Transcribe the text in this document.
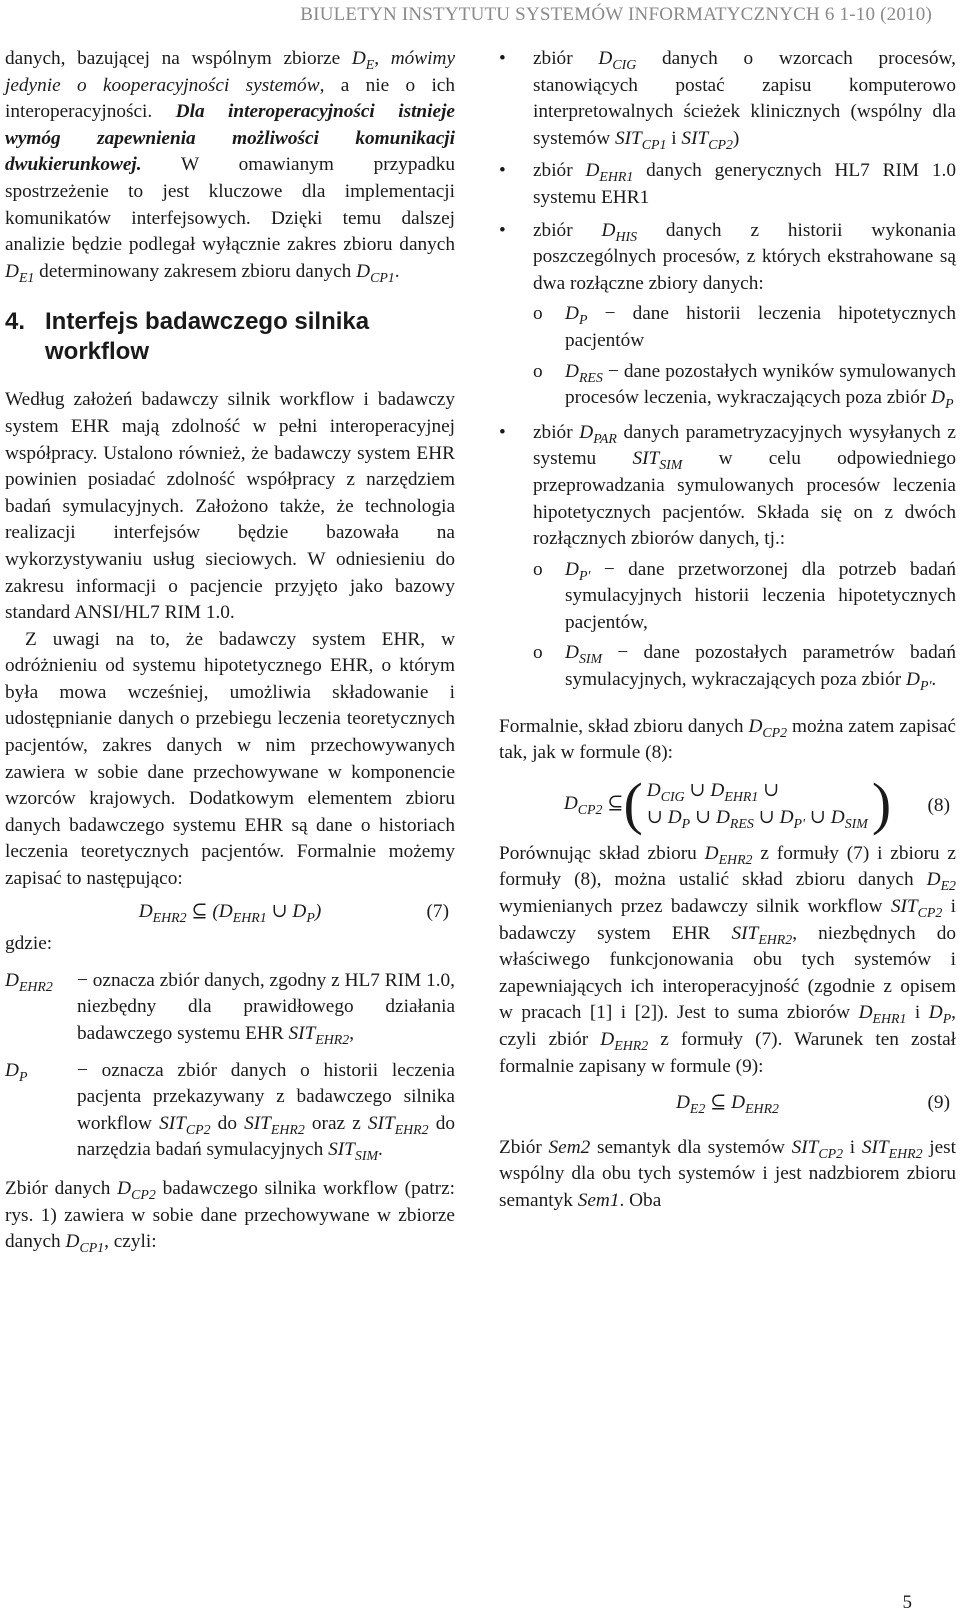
BIULETYN INSTYTUTU SYSTEMÓW INFORMATYCZNYCH 6 1-10 (2010)

danych, bazującej na wspólnym zbiorze $D_E$, mówimy jedynie o kooperacyjności systemów, a nie o ich interoperacyjności. Dla interoperacyjności istnieje wymóg zapewnienia możliwości komunikacji dwukierunkowej. W omawianym przypadku spostrzeżenie to jest kluczowe dla implementacji komunikatów interfejsowych. Dzięki temu dalszej analizie będzie podlegał wyłącznie zakres zbioru danych $D_{E1}$ determinowany zakresem zbioru danych $D_{CP1}$.

4. Interfejs badawczego silnika workflow

Według założeń badawczy silnik workflow i badawczy system EHR mają zdolność w pełni interoperacyjnej współpracy. Ustalono również, że badawczy system EHR powinien posiadać zdolność współpracy z narzędziem badań symulacyjnych. Założono także, że technologia realizacji interfejsów będzie bazowała na wykorzystywaniu usług sieciowych. W odniesieniu do zakresu informacji o pacjencie przyjęto jako bazowy standard ANSI/HL7 RIM 1.0.

Z uwagi na to, że badawczy system EHR, w odróżnieniu od systemu hipotetycznego EHR, o którym była mowa wcześniej, umożliwia składowanie i udostępnianie danych o przebiegu leczenia teoretycznych pacjentów, zakres danych w nim przechowywanych zawiera w sobie dane przechowywane w komponencie wzorców krajowych. Dodatkowym elementem zbioru danych badawczego systemu EHR są dane o historiach leczenia teoretycznych pacjentów. Formalnie możemy zapisać to następująco:

$D_{EHR2}$ ⊆ ($D_{EHR1}$ ∪ $D_P$)	(7)

gdzie:

$D_{EHR2}$	− oznacza zbiór danych, zgodny z HL7 RIM 1.0, niezbędny dla prawidłowego działania badawczego systemu EHR $SIT_{EHR2}$,
$D_P$	− oznacza zbiór danych o historii leczenia pacjenta przekazywany z badawczego silnika workflow $SIT_{CP2}$ do $SIT_{EHR2}$ oraz z $SIT_{EHR2}$ do narzędzia badań symulacyjnych $SIT_{SIM}$.

Zbiór danych $D_{CP2}$ badawczego silnika workflow (patrz: rys. 1) zawiera w sobie dane przechowywane w zbiorze danych $D_{CP1}$, czyli:

• zbiór $D_{CIG}$ danych o wzorcach procesów, stanowiących postać zapisu komputerowo interpretowalnych ścieżek klinicznych (wspólny dla systemów $SIT_{CP1}$ i $SIT_{CP2}$)
• zbiór $D_{EHR1}$ danych generycznych HL7 RIM 1.0 systemu EHR1
• zbiór $D_{HIS}$ danych z historii wykonania poszczególnych procesów, z których ekstrahowane są dwa rozłączne zbiory danych:
o $D_P$ − dane historii leczenia hipotetycznych pacjentów
o $D_{RES}$ − dane pozostałych wyników symulowanych procesów leczenia, wykraczających poza zbiór $D_P$
• zbiór $D_{PAR}$ danych parametryzacyjnych wysyłanych z systemu $SIT_{SIM}$ w celu odpowiedniego przeprowadzania symulowanych procesów leczenia hipotetycznych pacjentów. Składa się on z dwóch rozłącznych zbiorów danych, tj.:
o $D_{P'}$ − dane przetworzonej dla potrzeb badań symulacyjnych historii leczenia hipotetycznych pacjentów,
o $D_{SIM}$ − dane pozostałych parametrów badań symulacyjnych, wykraczających poza zbiór $D_{P'}$.

Formalnie, skład zbioru danych $D_{CP2}$ można zatem zapisać tak, jak w formule (8):

$D_{CP2}$ ⊆ ( $D_{CIG}$ ∪ $D_{EHR1}$ ∪
∪ $D_P$ ∪ $D_{RES}$ ∪ $D_{P'}$ ∪ $D_{SIM}$ ) (8)

Porównując skład zbioru $D_{EHR2}$ z formuły (7) i zbioru z formuły (8), można ustalić skład zbioru danych $D_{E2}$ wymienianych przez badawczy silnik workflow $SIT_{CP2}$ i badawczy system EHR $SIT_{EHR2}$, niezbędnych do właściwego funkcjonowania obu tych systemów i zapewniających ich interoperacyjność (zgodnie z opisem w pracach [1] i [2]). Jest to suma zbiorów $D_{EHR1}$ i $D_P$, czyli zbiór $D_{EHR2}$ z formuły (7). Warunek ten został formalnie zapisany w formule (9):

$D_{E2}$ ⊆ $D_{EHR2}$	(9)

Zbiór Sem2 semantyk dla systemów $SIT_{CP2}$ i $SIT_{EHR2}$ jest wspólny dla obu tych systemów i jest nadzbiorem zbioru semantyk Sem1. Oba

5
